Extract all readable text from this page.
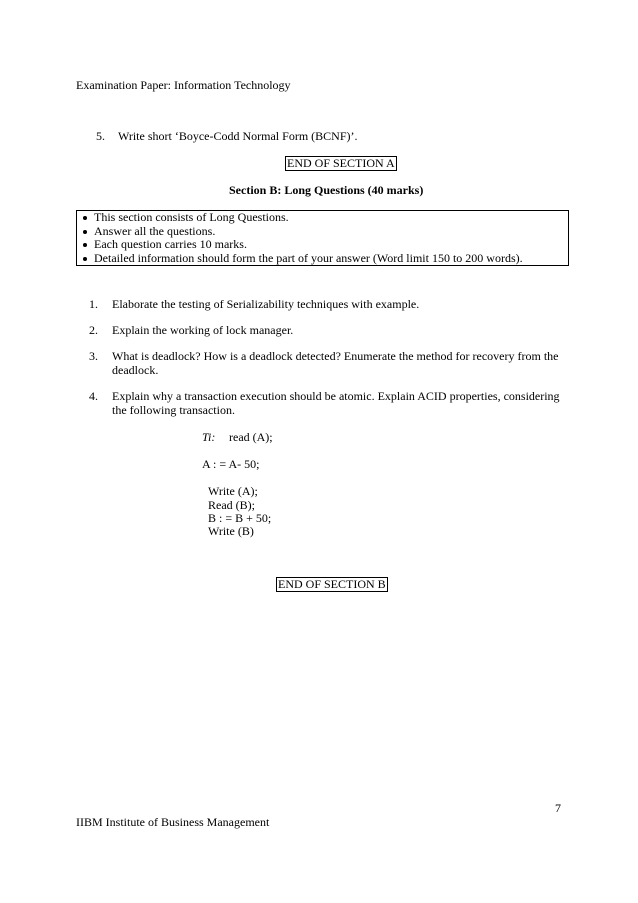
Examination Paper: Information Technology
5. Write short ‘Boyce-Codd Normal Form (BCNF)’.
END OF SECTION A
Section B: Long Questions (40 marks)
This section consists of Long Questions.
Answer all the questions.
Each question carries 10 marks.
Detailed information should form the part of your answer (Word limit 150 to 200 words).
1. Elaborate the testing of Serializability techniques with example.
2. Explain the working of lock manager.
3. What is deadlock? How is a deadlock detected? Enumerate the method for recovery from the deadlock.
4. Explain why a transaction execution should be atomic. Explain ACID properties, considering the following transaction.
Ti: read (A);
A : = A- 50;
Write (A);
Read (B);
B : = B + 50;
Write (B)
END OF SECTION B
7
IIBM Institute of Business Management
